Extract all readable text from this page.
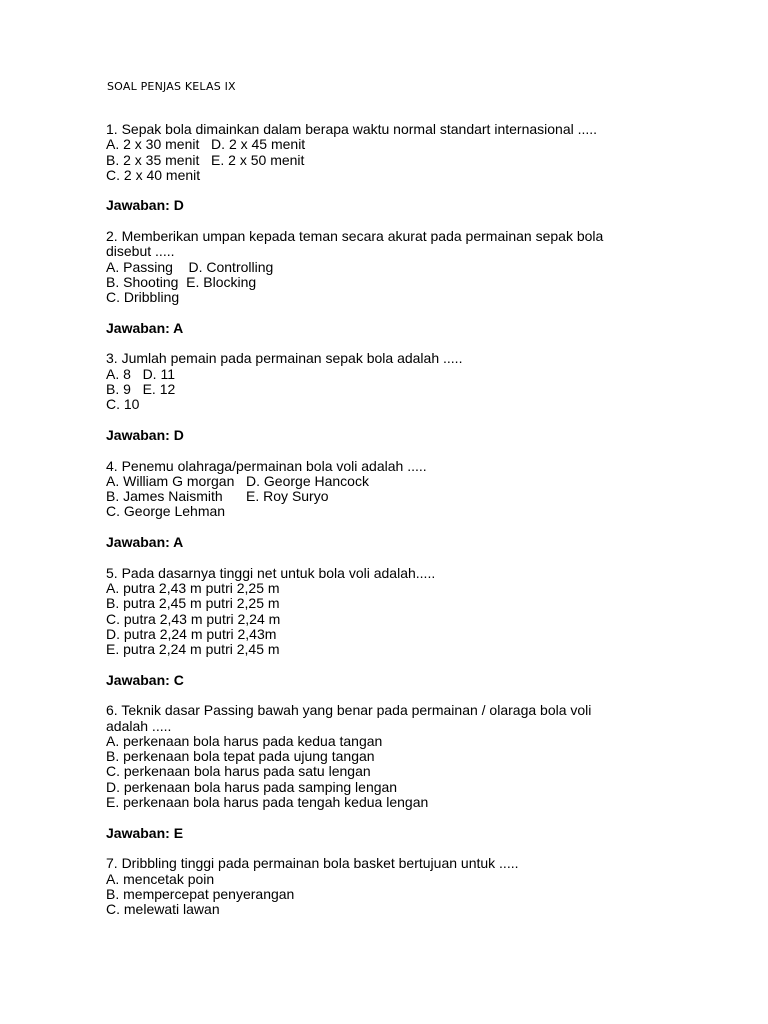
SOAL PENJAS KELAS IX
1. Sepak bola dimainkan dalam berapa waktu normal standart internasional .....
A. 2 x 30 menit   D. 2 x 45 menit
B. 2 x 35 menit   E. 2 x 50 menit
C. 2 x 40 menit
Jawaban: D
2. Memberikan umpan kepada teman secara akurat pada permainan sepak bola
disebut .....
A. Passing    D. Controlling
B. Shooting  E. Blocking
C. Dribbling
Jawaban: A
3. Jumlah pemain pada permainan sepak bola adalah .....
A. 8   D. 11
B. 9   E. 12
C. 10
Jawaban: D
4. Penemu olahraga/permainan bola voli adalah .....
A. William G morgan   D. George Hancock
B. James Naismith      E. Roy Suryo
C. George Lehman
Jawaban: A
5. Pada dasarnya tinggi net untuk bola voli adalah.....
A. putra 2,43 m putri 2,25 m
B. putra 2,45 m putri 2,25 m
C. putra 2,43 m putri 2,24 m
D. putra 2,24 m putri 2,43m
E. putra 2,24 m putri 2,45 m
Jawaban: C
6. Teknik dasar Passing bawah yang benar pada permainan / olaraga bola voli
adalah .....
A. perkenaan bola harus pada kedua tangan
B. perkenaan bola tepat pada ujung tangan
C. perkenaan bola harus pada satu lengan
D. perkenaan bola harus pada samping lengan
E. perkenaan bola harus pada tengah kedua lengan
Jawaban: E
7. Dribbling tinggi pada permainan bola basket bertujuan untuk .....
A. mencetak poin
B. mempercepat penyerangan
C. melewati lawan
